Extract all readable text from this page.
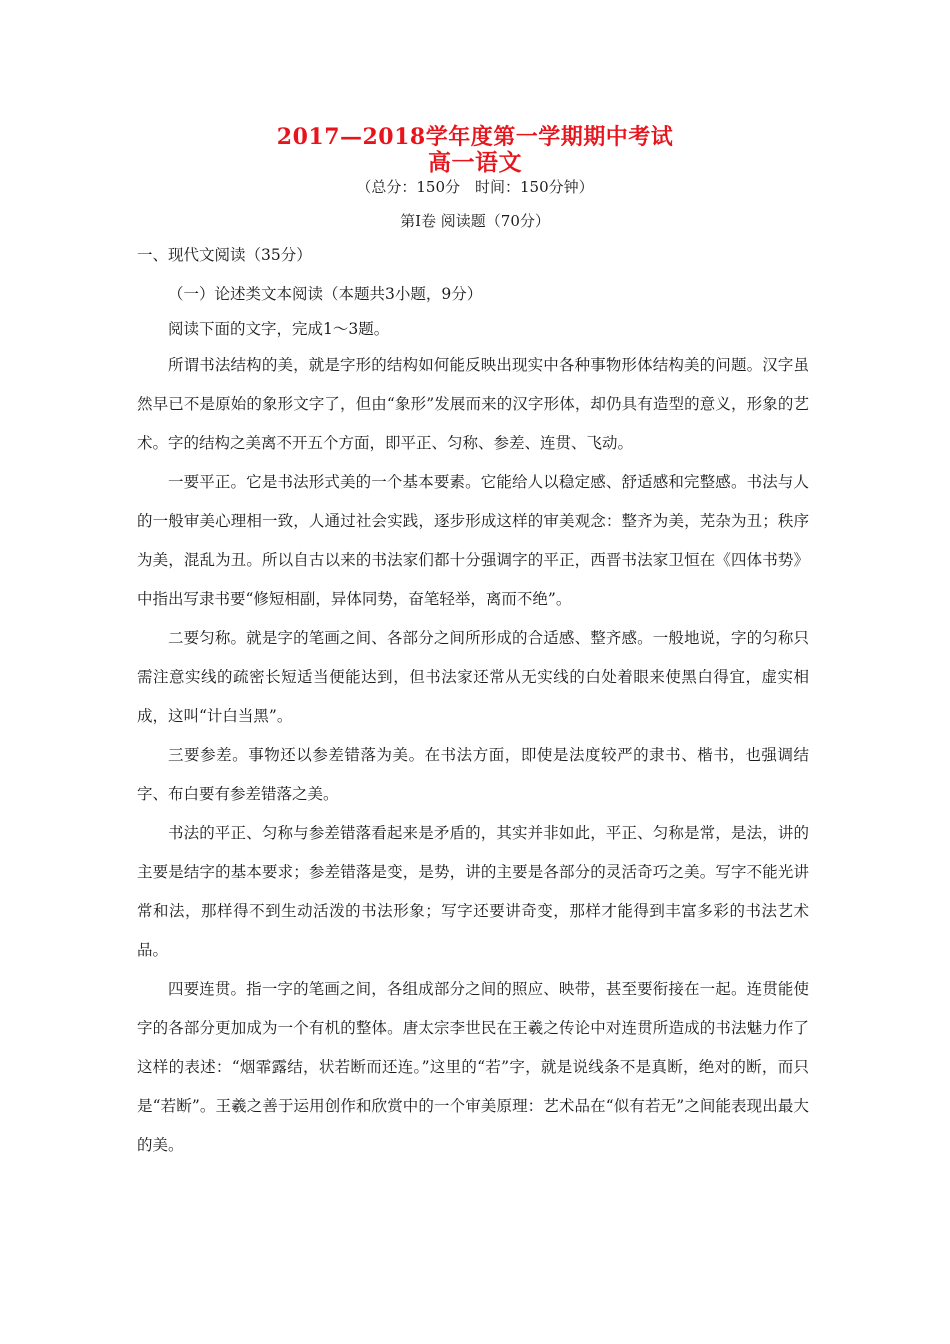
2017—2018学年度第一学期期中考试
高一语文
（总分：150分　时间：150分钟）
第Ⅰ卷 阅读题（70分）
一、现代文阅读（35分）
（一）论述类文本阅读（本题共3小题，9分）
阅读下面的文字，完成1～3题。

所谓书法结构的美，就是字形的结构如何能反映出现实中各种事物形体结构美的问题。汉字虽然早已不是原始的象形文字了，但由“象形”发展而来的汉字形体，却仍具有造型的意义，形象的艺术。字的结构之美离不开五个方面，即平正、匀称、参差、连贯、飞动。

一要平正。它是书法形式美的一个基本要素。它能给人以稳定感、舒适感和完整感。书法与人的一般审美心理相一致，人通过社会实践，逐步形成这样的审美观念：整齐为美，芜杂为丑；秩序为美，混乱为丑。所以自古以来的书法家们都十分强调字的平正，西晋书法家卫恒在《四体书势》中指出写隶书要“修短相副，异体同势，奋笔轻举，离而不绝”。

二要匀称。就是字的笔画之间、各部分之间所形成的合适感、整齐感。一般地说，字的匀称只需注意实线的疏密长短适当便能达到，但书法家还常从无实线的白处着眼来使黑白得宜，虚实相成，这叫“计白当黑”。

三要参差。事物还以参差错落为美。在书法方面，即使是法度较严的隶书、楷书，也强调结字、布白要有参差错落之美。

书法的平正、匀称与参差错落看起来是矛盾的，其实并非如此，平正、匀称是常，是法，讲的主要是结字的基本要求；参差错落是变，是势，讲的主要是各部分的灵活奇巧之美。写字不能光讲常和法，那样得不到生动活泼的书法形象；写字还要讲奇变，那样才能得到丰富多彩的书法艺术品。

四要连贯。指一字的笔画之间，各组成部分之间的照应、映带，甚至要衔接在一起。连贯能使字的各部分更加成为一个有机的整体。唐太宗李世民在王羲之传论中对连贯所造成的书法魅力作了这样的表述：“烟霏露结，状若断而还连。”这里的“若”字，就是说线条不是真断，绝对的断，而只是“若断”。王羲之善于运用创作和欣赏中的一个审美原理：艺术品在“似有若无”之间能表现出最大的美。
